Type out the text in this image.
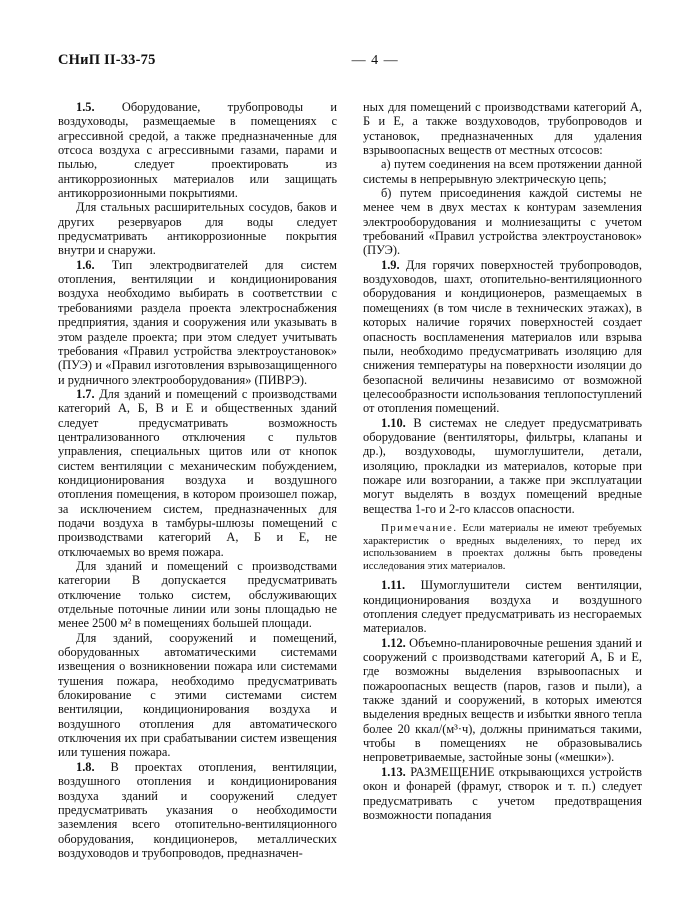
СНиП II-33-75	— 4 —

1.5. Оборудование, трубопроводы и воздуховоды, размещаемые в помещениях с агрессивной средой, а также предназначенные для отсоса воздуха с агрессивными газами, парами и пылью, следует проектировать из антикоррозионных материалов или защищать антикоррозионными покрытиями.

Для стальных расширительных сосудов, баков и других резервуаров для воды следует предусматривать антикоррозионные покрытия внутри и снаружи.

1.6. Тип электродвигателей для систем отопления, вентиляции и кондиционирования воздуха необходимо выбирать в соответствии с требованиями раздела проекта электроснабжения предприятия, здания и сооружения или указывать в этом разделе проекта; при этом следует учитывать требования «Правил устройства электроустановок» (ПУЭ) и «Правил изготовления взрывозащищенного и рудничного электрооборудования» (ПИВРЭ).

1.7. Для зданий и помещений с производствами категорий А, Б, В и Е и общественных зданий следует предусматривать возможность централизованного отключения с пультов управления, специальных щитов или от кнопок систем вентиляции с механическим побуждением, кондиционирования воздуха и воздушного отопления помещения, в котором произошел пожар, за исключением систем, предназначенных для подачи воздуха в тамбуры-шлюзы помещений с производствами категорий А, Б и Е, не отключаемых во время пожара.

Для зданий и помещений с производствами категории В допускается предусматривать отключение только систем, обслуживающих отдельные поточные линии или зоны площадью не менее 2500 м² в помещениях большей площади.

Для зданий, сооружений и помещений, оборудованных автоматическими системами извещения о возникновении пожара или системами тушения пожара, необходимо предусматривать блокирование с этими системами систем вентиляции, кондиционирования воздуха и воздушного отопления для автоматического отключения их при срабатывании систем извещения или тушения пожара.

1.8. В проектах отопления, вентиляции, воздушного отопления и кондиционирования воздуха зданий и сооружений следует предусматривать указания о необходимости заземления всего отопительно-вентиляционного оборудования, кондиционеров, металлических воздуховодов и трубопроводов, предназначен-

ных для помещений с производствами категорий А, Б и Е, а также воздуховодов, трубопроводов и установок, предназначенных для удаления взрывоопасных веществ от местных отсосов:

а) путем соединения на всем протяжении данной системы в непрерывную электрическую цепь;

б) путем присоединения каждой системы не менее чем в двух местах к контурам заземления электрооборудования и молниезащиты с учетом требований «Правил устройства электроустановок» (ПУЭ).

1.9. Для горячих поверхностей трубопроводов, воздуховодов, шахт, отопительно-вентиляционного оборудования и кондиционеров, размещаемых в помещениях (в том числе в технических этажах), в которых наличие горячих поверхностей создает опасность воспламенения материалов или взрыва пыли, необходимо предусматривать изоляцию для снижения температуры на поверхности изоляции до безопасной величины независимо от возможной целесообразности использования теплопоступлений от отопления помещений.

1.10. В системах не следует предусматривать оборудование (вентиляторы, фильтры, клапаны и др.), воздуховоды, шумоглушители, детали, изоляцию, прокладки из материалов, которые при пожаре или возгорании, а также при эксплуатации могут выделять в воздух помещений вредные вещества 1-го и 2-го классов опасности.

Примечание. Если материалы не имеют требуемых характеристик о вредных выделениях, то перед их использованием в проектах должны быть проведены исследования этих материалов.

1.11. Шумоглушители систем вентиляции, кондиционирования воздуха и воздушного отопления следует предусматривать из несгораемых материалов.

1.12. Объемно-планировочные решения зданий и сооружений с производствами категорий А, Б и Е, где возможны выделения взрывоопасных и пожароопасных веществ (паров, газов и пыли), а также зданий и сооружений, в которых имеются выделения вредных веществ и избытки явного тепла более 20 ккал/(м³·ч), должны приниматься такими, чтобы в помещениях не образовывались непроветриваемые, застойные зоны («мешки»).

1.13. РАЗМЕЩЕНИЕ открывающихся устройств окон и фонарей (фрамуг, створок и т. п.) следует предусматривать с учетом предотвращения возможности попадания
